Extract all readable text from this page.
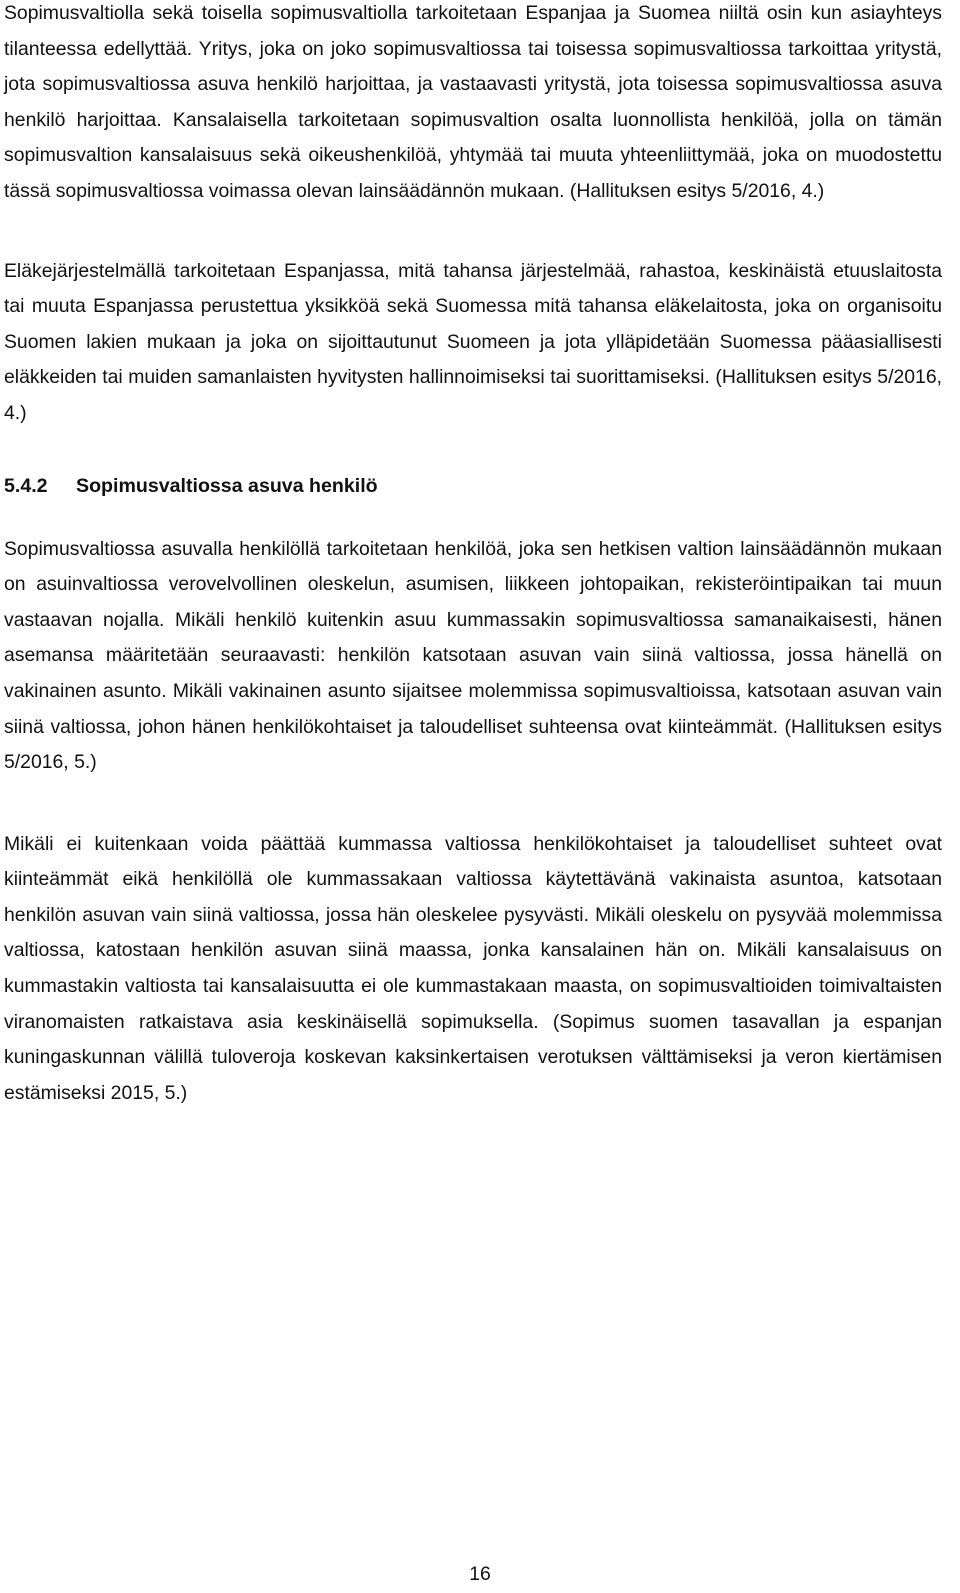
Sopimusvaltiolla sekä toisella sopimusvaltiolla tarkoitetaan Espanjaa ja Suomea niiltä osin kun asiayhteys tilanteessa edellyttää. Yritys, joka on joko sopimusvaltiossa tai toisessa sopimusvaltiossa tarkoittaa yritystä, jota sopimusvaltiossa asuva henkilö harjoittaa, ja vastaavasti yritystä, jota toisessa sopimusvaltiossa asuva henkilö harjoittaa. Kansalaisella tarkoitetaan sopimusvaltion osalta luonnollista henkilöä, jolla on tämän sopimusvaltion kansalaisuus sekä oikeushenkilöä, yhtymää tai muuta yhteenliittymää, joka on muodostettu tässä sopimusvaltiossa voimassa olevan lainsäädännön mukaan. (Hallituksen esitys 5/2016, 4.)

Eläkejärjestelmällä tarkoitetaan Espanjassa, mitä tahansa järjestelmää, rahastoa, keskinäistä etuuslaitosta tai muuta Espanjassa perustettua yksikköä sekä Suomessa mitä tahansa eläkelaitosta, joka on organisoitu Suomen lakien mukaan ja joka on sijoittautunut Suomeen ja jota ylläpidetään Suomessa pääasiallisesti eläkkeiden tai muiden samanlaisten hyvitysten hallinnoimiseksi tai suorittamiseksi. (Hallituksen esitys 5/2016, 4.)

5.4.2	Sopimusvaltiossa asuva henkilö

Sopimusvaltiossa asuvalla henkilöllä tarkoitetaan henkilöä, joka sen hetkisen valtion lainsäädännön mukaan on asuinvaltiossa verovelvollinen oleskelun, asumisen, liikkeen johtopaikan, rekisteröintipaikan tai muun vastaavan nojalla. Mikäli henkilö kuitenkin asuu kummassakin sopimusvaltiossa samanaikaisesti, hänen asemansa määritetään seuraavasti: henkilön katsotaan asuvan vain siinä valtiossa, jossa hänellä on vakinainen asunto. Mikäli vakinainen asunto sijaitsee molemmissa sopimusvaltioissa, katsotaan asuvan vain siinä valtiossa, johon hänen henkilökohtaiset ja taloudelliset suhteensa ovat kiinteämmät. (Hallituksen esitys 5/2016, 5.)

Mikäli ei kuitenkaan voida päättää kummassa valtiossa henkilökohtaiset ja taloudelliset suhteet ovat kiinteämmät eikä henkilöllä ole kummassakaan valtiossa käytettävänä vakinaista asuntoa, katsotaan henkilön asuvan vain siinä valtiossa, jossa hän oleskelee pysyvästi. Mikäli oleskelu on pysyvää molemmissa valtiossa, katostaan henkilön asuvan siinä maassa, jonka kansalainen hän on. Mikäli kansalaisuus on kummastakin valtiosta tai kansalaisuutta ei ole kummastakaan maasta, on sopimusvaltioiden toimivaltaisten viranomaisten ratkaistava asia keskinäisellä sopimuksella. (Sopimus suomen tasavallan ja espanjan kuningaskunnan välillä tuloveroja koskevan kaksinkertaisen verotuksen välttämiseksi ja veron kiertämisen estämiseksi 2015, 5.)

16
